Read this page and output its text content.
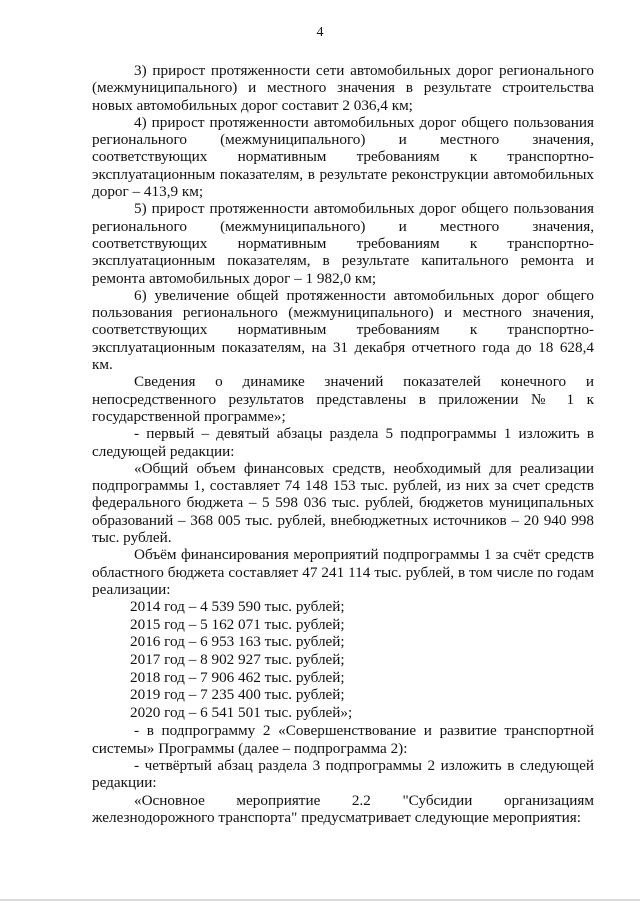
4

3) прирост протяженности сети автомобильных дорог регионального (межмуниципального) и местного значения в результате строительства новых автомобильных дорог составит 2 036,4 км;

4) прирост протяженности автомобильных дорог общего пользования регионального (межмуниципального) и местного значения, соответствующих нормативным требованиям к транспортно-эксплуатационным показателям, в результате реконструкции автомобильных дорог – 413,9 км;

5) прирост протяженности автомобильных дорог общего пользования регионального (межмуниципального) и местного значения, соответствующих нормативным требованиям к транспортно-эксплуатационным показателям, в результате капитального ремонта и ремонта автомобильных дорог – 1 982,0 км;

6) увеличение общей протяженности автомобильных дорог общего пользования регионального (межмуниципального) и местного значения, соответствующих нормативным требованиям к транспортно-эксплуатационным показателям, на 31 декабря отчетного года до 18 628,4 км.

Сведения о динамике значений показателей конечного и непосредственного результатов представлены в приложении № 1 к государственной программе»;

- первый – девятый абзацы раздела 5 подпрограммы 1 изложить в следующей редакции:

«Общий объем финансовых средств, необходимый для реализации подпрограммы 1, составляет 74 148 153 тыс. рублей, из них за счет средств федерального бюджета – 5 598 036 тыс. рублей, бюджетов муниципальных образований – 368 005 тыс. рублей, внебюджетных источников – 20 940 998 тыс. рублей.

Объём финансирования мероприятий подпрограммы 1 за счёт средств областного бюджета составляет 47 241 114 тыс. рублей, в том числе по годам реализации:

2014 год – 4 539 590 тыс. рублей;

2015 год – 5 162 071 тыс. рублей;

2016 год – 6 953 163 тыс. рублей;

2017 год – 8 902 927 тыс. рублей;

2018 год – 7 906 462 тыс. рублей;

2019 год – 7 235 400 тыс. рублей;

2020 год – 6 541 501 тыс. рублей»;

- в подпрограмму 2 «Совершенствование и развитие транспортной системы» Программы (далее – подпрограмма 2):

- четвёртый абзац раздела 3 подпрограммы 2 изложить в следующей редакции:

«Основное мероприятие 2.2 "Субсидии организациям железнодорожного транспорта" предусматривает следующие мероприятия:
